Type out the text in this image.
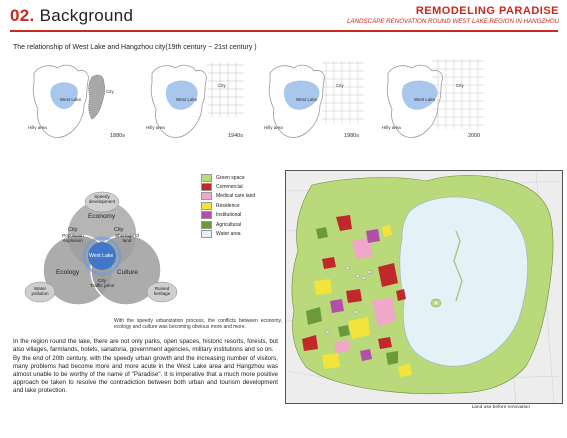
02. Background	REMODELING PARADISE
LANDSCAPE RENOVATION ROUND WEST LAKE REGION IN HANGZHOU
The relationship of West Lake and Hangzhou city(19th century ~ 21st century )
West Lake
City
Hilly area
1880s
West Lake
City
Hilly area
1940s
West Lake
City
Hilly area
1980s
West Lake
City
Hilly area
2000
Speedy
development
Economy
City
Population
explosion
City
Shortage of
land
West Lake
Ecology	Culture
City
Traffic jams
Water
pollution
Ruined
heritage
With the speedy urbanization process, the conflicts between economy, ecology and culture was becoming obvious more and more.
Green space
Commercial
Medical care land
Residence
Institutional
Agricultural
Water area
Land use before renovation

In the region round the lake, there are not only parks, open spaces, historic resorts, forests, but also villages, farmlands, hotels, sanatoria, government agencies, military institutions and so on.

By the end of 20th century, with the speedy urban growth and the increasing number of visitors, many problems had become more and more acute in the West Lake area and Hangzhou was almost unable to be worthy of the name of "Paradise". It is imperative that a much more positive approach be taken to resolve the contradiction between both urban and tourism development and lake protection.
